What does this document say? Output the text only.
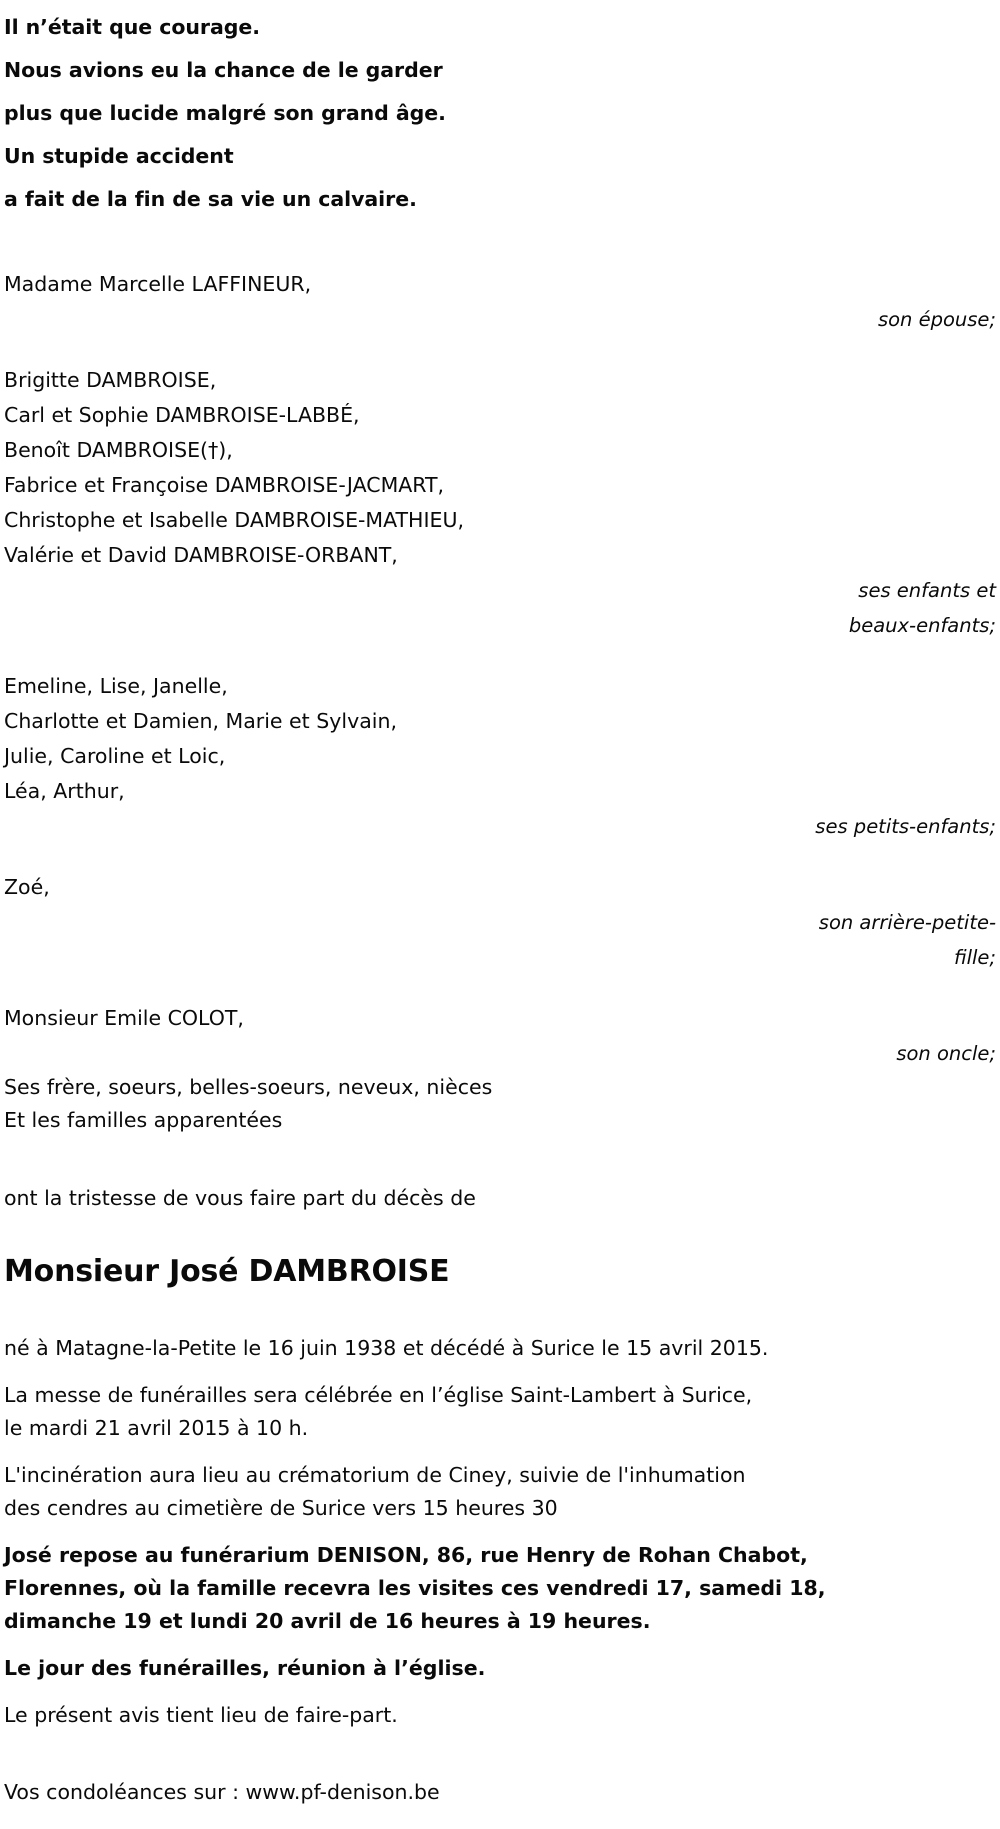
Il n’était que courage.
Nous avions eu la chance de le garder
plus que lucide malgré son grand âge.
Un stupide accident
a fait de la fin de sa vie un calvaire.
Madame Marcelle LAFFINEUR,
son épouse;
Brigitte DAMBROISE,
Carl et Sophie DAMBROISE-LABBÉ,
Benoît DAMBROISE(†),
Fabrice et Françoise DAMBROISE-JACMART,
Christophe et Isabelle DAMBROISE-MATHIEU,
Valérie et David DAMBROISE-ORBANT,
ses enfants et
beaux-enfants;
Emeline, Lise, Janelle,
Charlotte et Damien, Marie et Sylvain,
Julie, Caroline et Loic,
Léa, Arthur,
ses petits-enfants;
Zoé,
son arrière-petite-
fille;
Monsieur Emile COLOT,
son oncle;
Ses frère, soeurs, belles-soeurs, neveux, nièces
Et les familles apparentées
ont la tristesse de vous faire part du décès de
Monsieur José DAMBROISE
né à Matagne-la-Petite le 16 juin 1938 et décédé à Surice le 15 avril 2015.
La messe de funérailles sera célébrée en l’église Saint-Lambert à Surice,
le mardi 21 avril 2015 à 10 h.
L'incinération aura lieu au crématorium de Ciney, suivie de l'inhumation
des cendres au cimetière de Surice vers 15 heures 30
José repose au funérarium DENISON, 86, rue Henry de Rohan Chabot,
Florennes, où la famille recevra les visites ces vendredi 17, samedi 18,
dimanche 19 et lundi 20 avril de 16 heures à 19 heures.
Le jour des funérailles, réunion à l’église.
Le présent avis tient lieu de faire-part.
Vos condoléances sur : www.pf-denison.be
